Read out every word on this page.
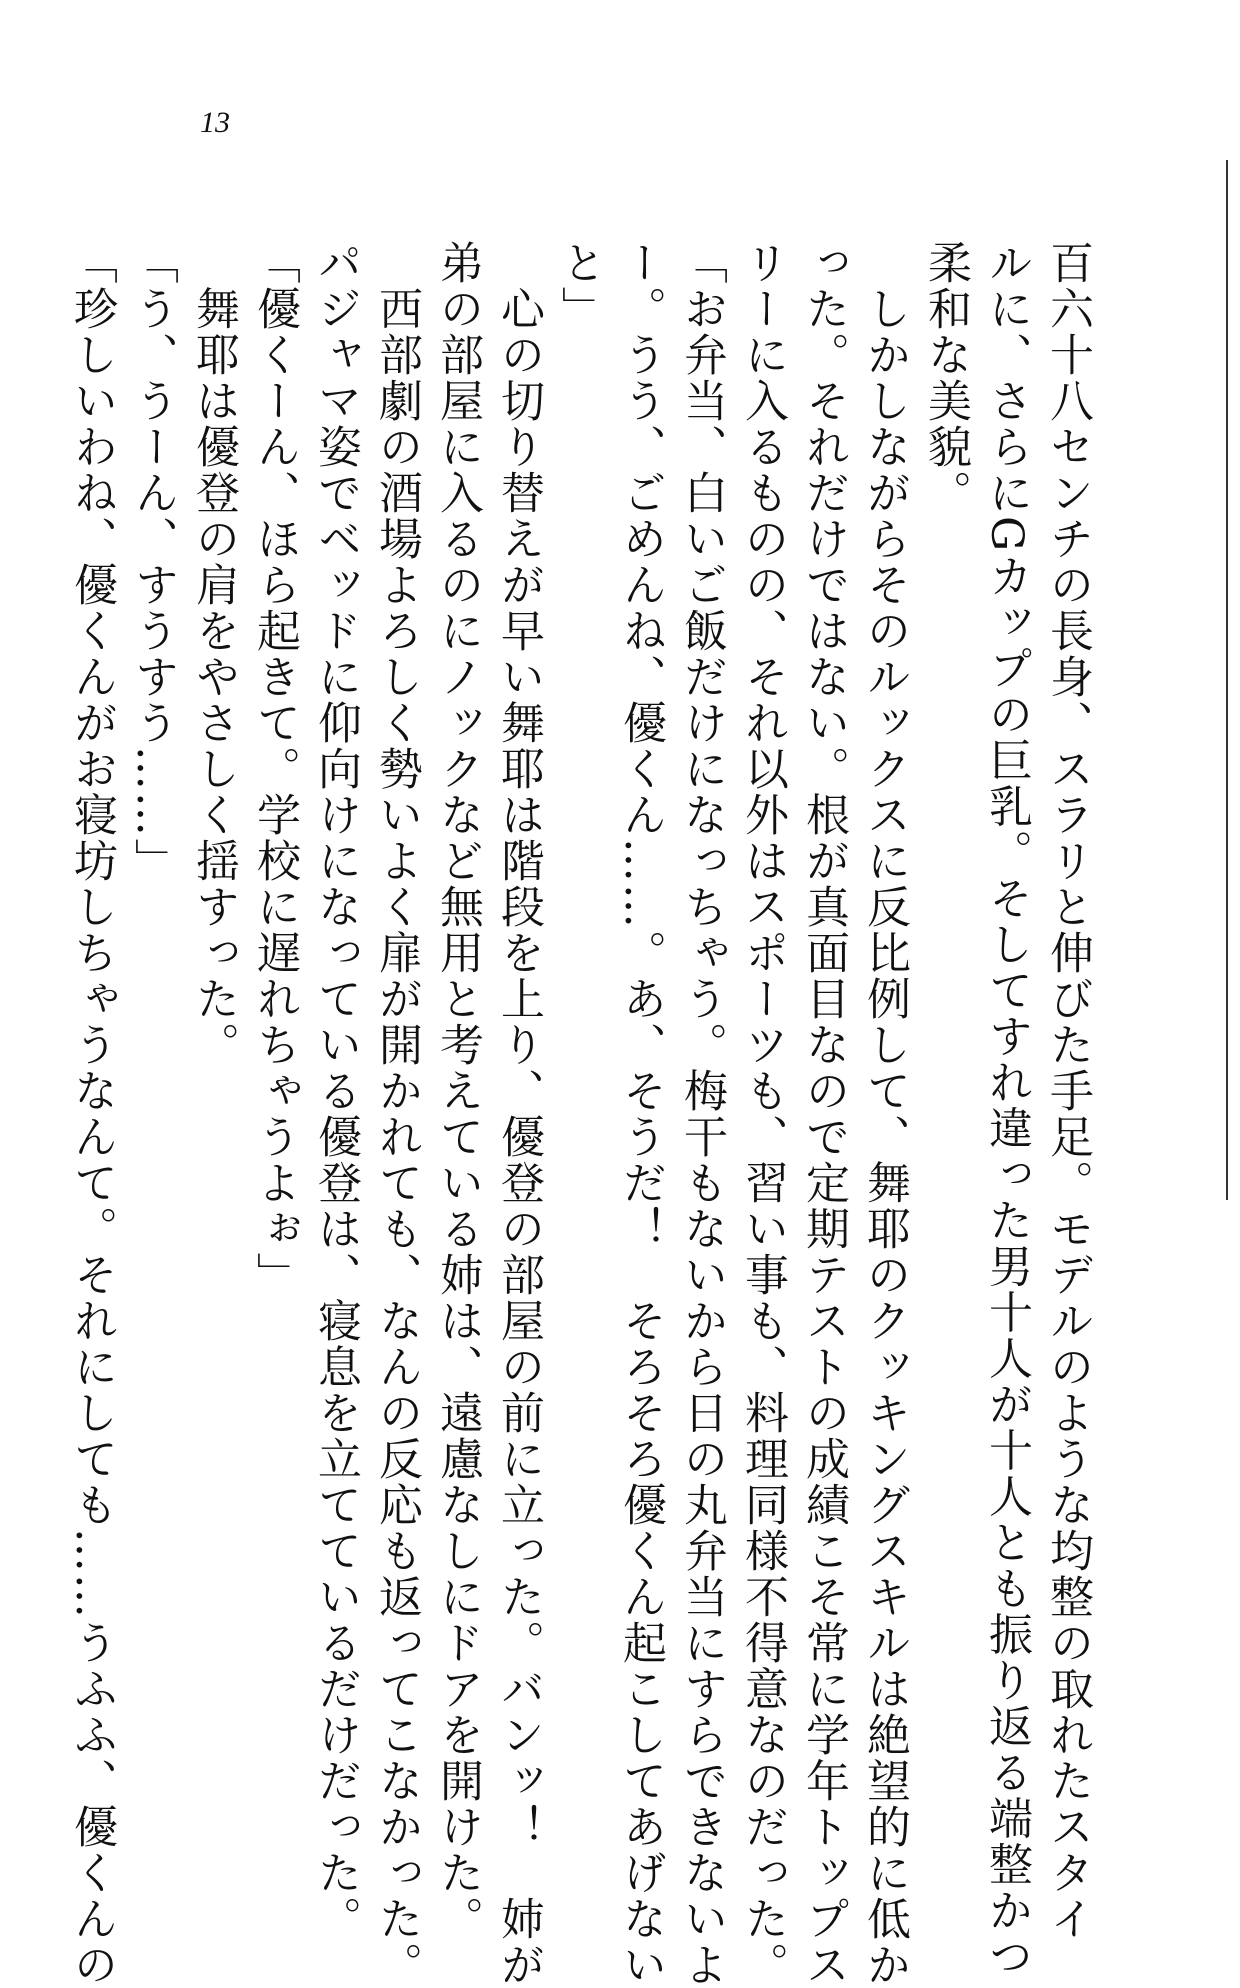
13

百六十八センチの長身、スラリと伸びた手足。モデルのような均整の取れたスタイ

ルに、さらにGカップの巨乳。そしてすれ違った男十人が十人とも振り返る端整かつ

柔和な美貌。

　しかしながらそのルックスに反比例して、舞耶のクッキングスキルは絶望的に低か

った。それだけではない。根が真面目なので定期テストの成績こそ常に学年トップス

リーに入るものの、それ以外はスポーツも、習い事も、料理同様不得意なのだった。

「お弁当、白いご飯だけになっちゃう。梅干もないから日の丸弁当にすらできないよ

ー。うう、ごめんね、優くん……。あ、そうだ！　そろそろ優くん起こしてあげない

と」

　心の切り替えが早い舞耶は階段を上り、優登の部屋の前に立った。バンッ！　姉が

弟の部屋に入るのにノックなど無用と考えている姉は、遠慮なしにドアを開けた。

　西部劇の酒場よろしく勢いよく扉が開かれても、なんの反応も返ってこなかった。

パジャマ姿でベッドに仰向けになっている優登は、寝息を立てているだけだった。

「優くーん、ほら起きて。学校に遅れちゃうよぉ」

　舞耶は優登の肩をやさしく揺すった。

「う、うーん、すうすう……」

「珍しいわね、優くんがお寝坊しちゃうなんて。それにしても……うふふ、優くんの
